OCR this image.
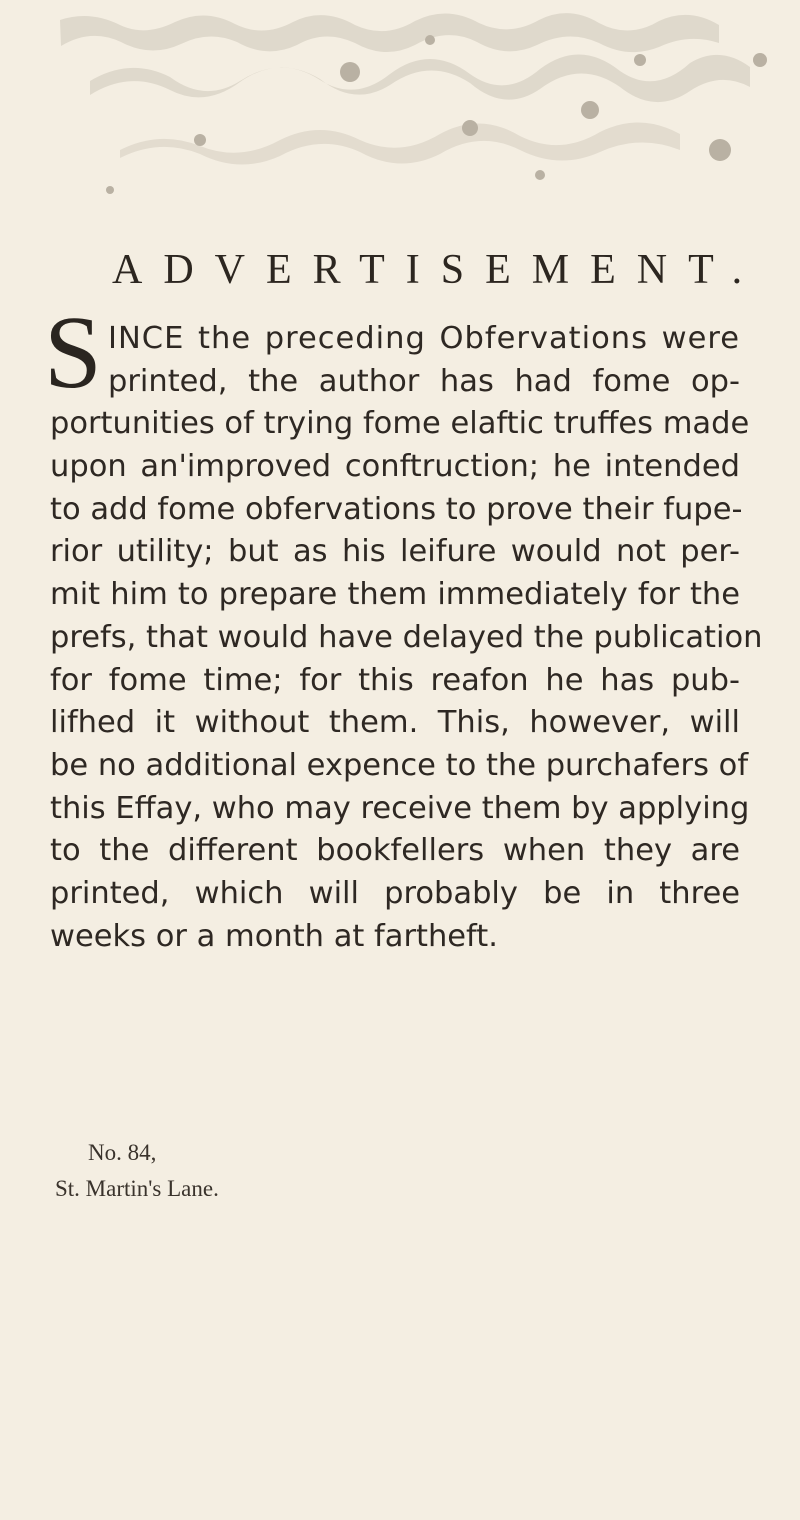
ADVERTISEMENT.
S INCE the preceding Obfervations were
printed, the author has had fome op-
portunities of trying fome elaftic truffes made
upon an'improved conftruction; he intended
to add fome obfervations to prove their fupe-
rior utility; but as his leifure would not per-
mit him to prepare them immediately for the
prefs, that would have delayed the publication
for fome time; for this reafon he has pub-
lifhed it without them. This, however, will
be no additional expence to the purchafers of
this Effay, who may receive them by applying
to the different bookfellers when they are
printed, which will probably be in three
weeks or a month at fartheft.
No. 84,
St. Martin's Lane.
